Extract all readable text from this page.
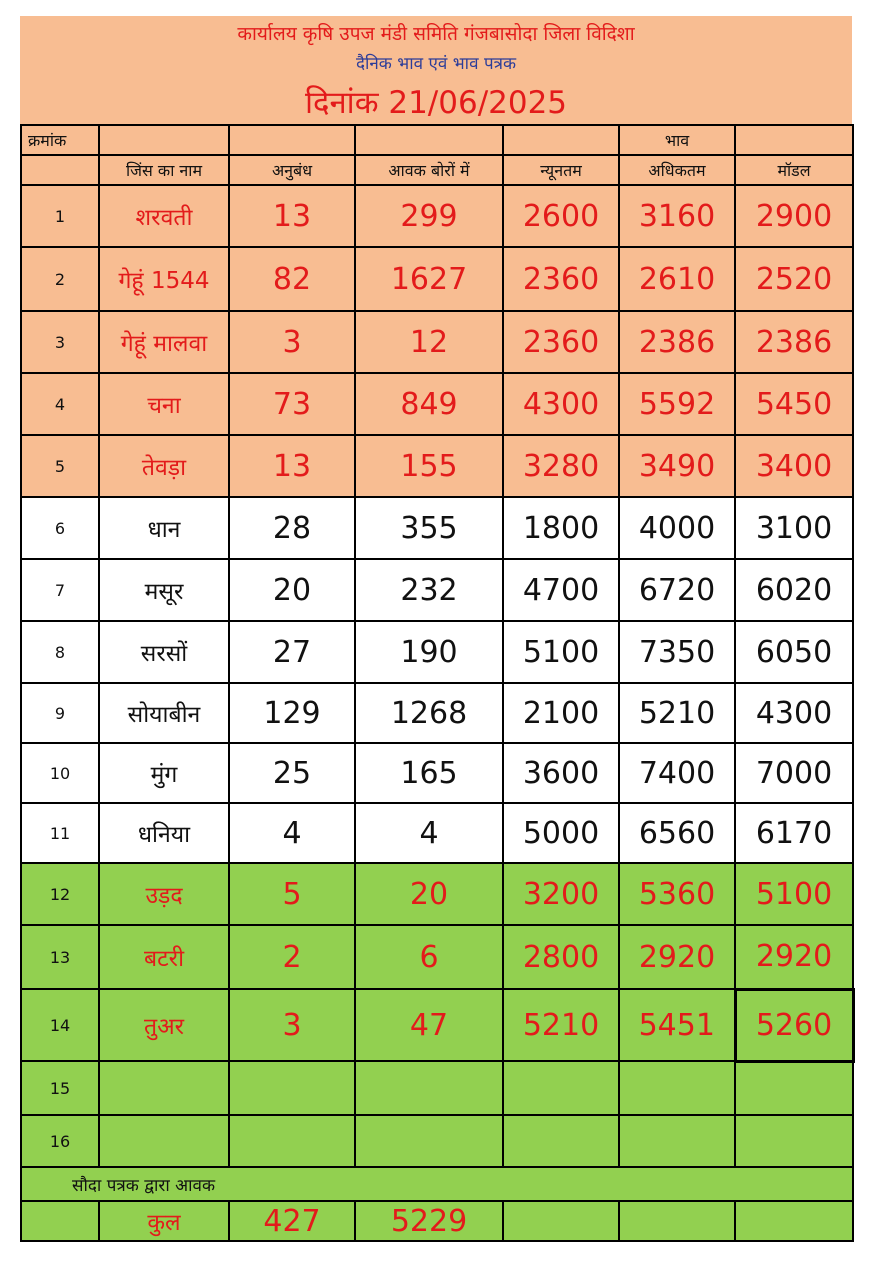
कार्यालय कृषि उपज मंडी समिति गंजबासोदा जिला विदिशा
दैनिक भाव एवं भाव पत्रक
दिनांक 21/06/2025
क्रमांक					भाव	
	जिंस का नाम	अनुबंध	आवक बोरों में	न्यूनतम	अधिकतम	मॉडल
1	शरवती	13	299	2600	3160	2900
2	गेहूं 1544	82	1627	2360	2610	2520
3	गेहूं मालवा	3	12	2360	2386	2386
4	चना	73	849	4300	5592	5450
5	तेवड़ा	13	155	3280	3490	3400
6	धान	28	355	1800	4000	3100
7	मसूर	20	232	4700	6720	6020
8	सरसों	27	190	5100	7350	6050
9	सोयाबीन	129	1268	2100	5210	4300
10	मुंग	25	165	3600	7400	7000
11	धनिया	4	4	5000	6560	6170
12	उड़द	5	20	3200	5360	5100
13	बटरी	2	6	2800	2920	2920
14	तुअर	3	47	5210	5451	5260
15						
16						
सौदा पत्रक द्वारा आवक						
	कुल	427	5229			
